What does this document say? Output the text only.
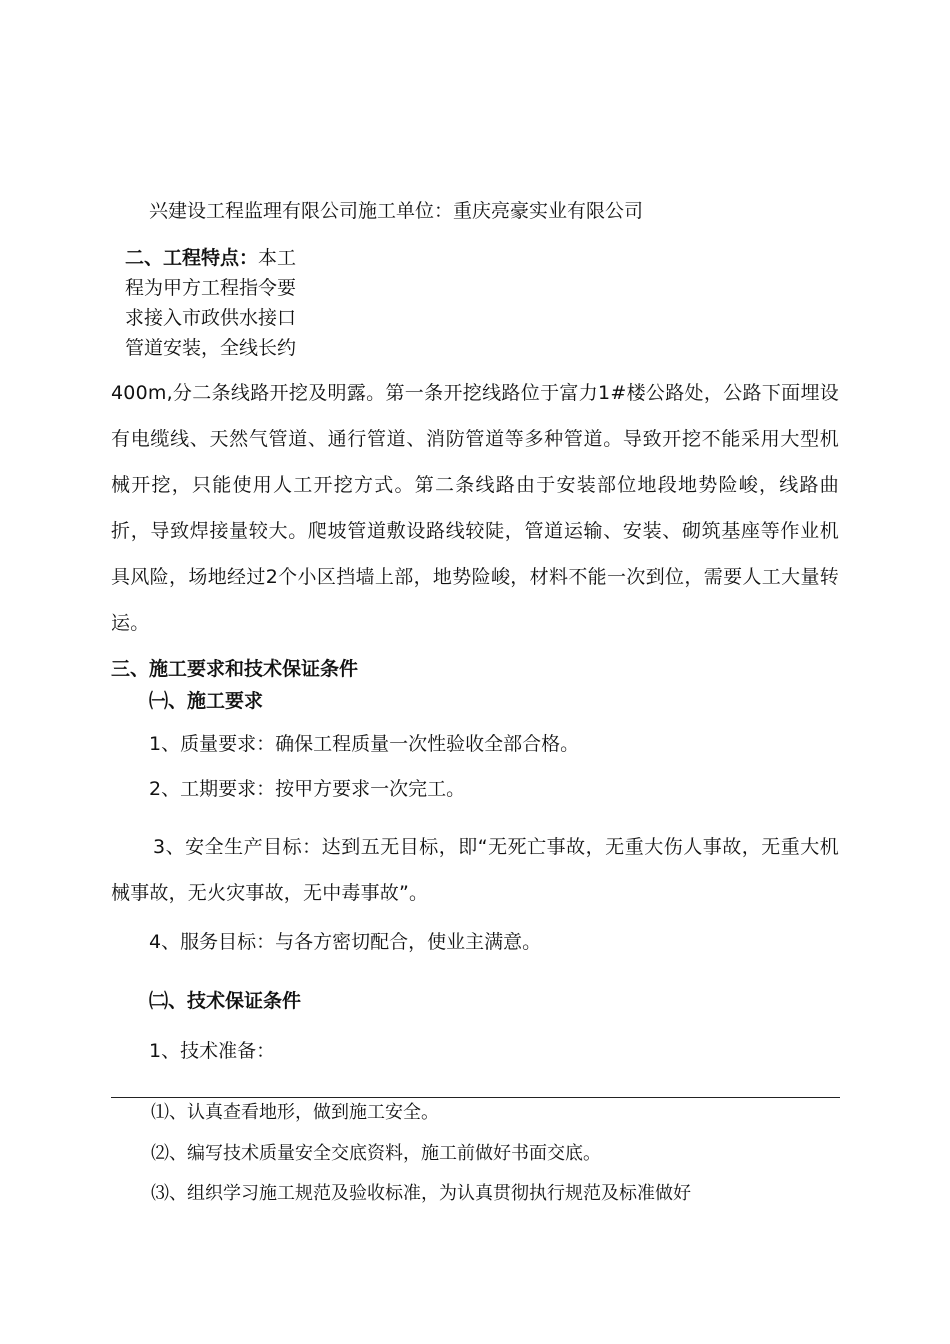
兴建设工程监理有限公司施工单位：重庆亮豪实业有限公司
二、工程特点：本工
程为甲方工程指令要
求接入市政供水接口
管道安装，全线长约
400m,分二条线路开挖及明露。第一条开挖线路位于富力1#楼公路处，公路下面埋设有电缆线、天然气管道、通行管道、消防管道等多种管道。导致开挖不能采用大型机械开挖，只能使用人工开挖方式。第二条线路由于安装部位地段地势险峻，线路曲折，导致焊接量较大。爬坡管道敷设路线较陡，管道运输、安装、砌筑基座等作业机具风险，场地经过2个小区挡墙上部，地势险峻，材料不能一次到位，需要人工大量转运。
三、施工要求和技术保证条件
㈠、施工要求
1、质量要求：确保工程质量一次性验收全部合格。
2、工期要求：按甲方要求一次完工。
3、安全生产目标：达到五无目标，即“无死亡事故，无重大伤人事故，无重大机械事故，无火灾事故，无中毒事故”。
4、服务目标：与各方密切配合，使业主满意。
㈡、技术保证条件
1、技术准备：
⑴、认真查看地形，做到施工安全。
⑵、编写技术质量安全交底资料，施工前做好书面交底。
⑶、组织学习施工规范及验收标准，为认真贯彻执行规范及标准做好
